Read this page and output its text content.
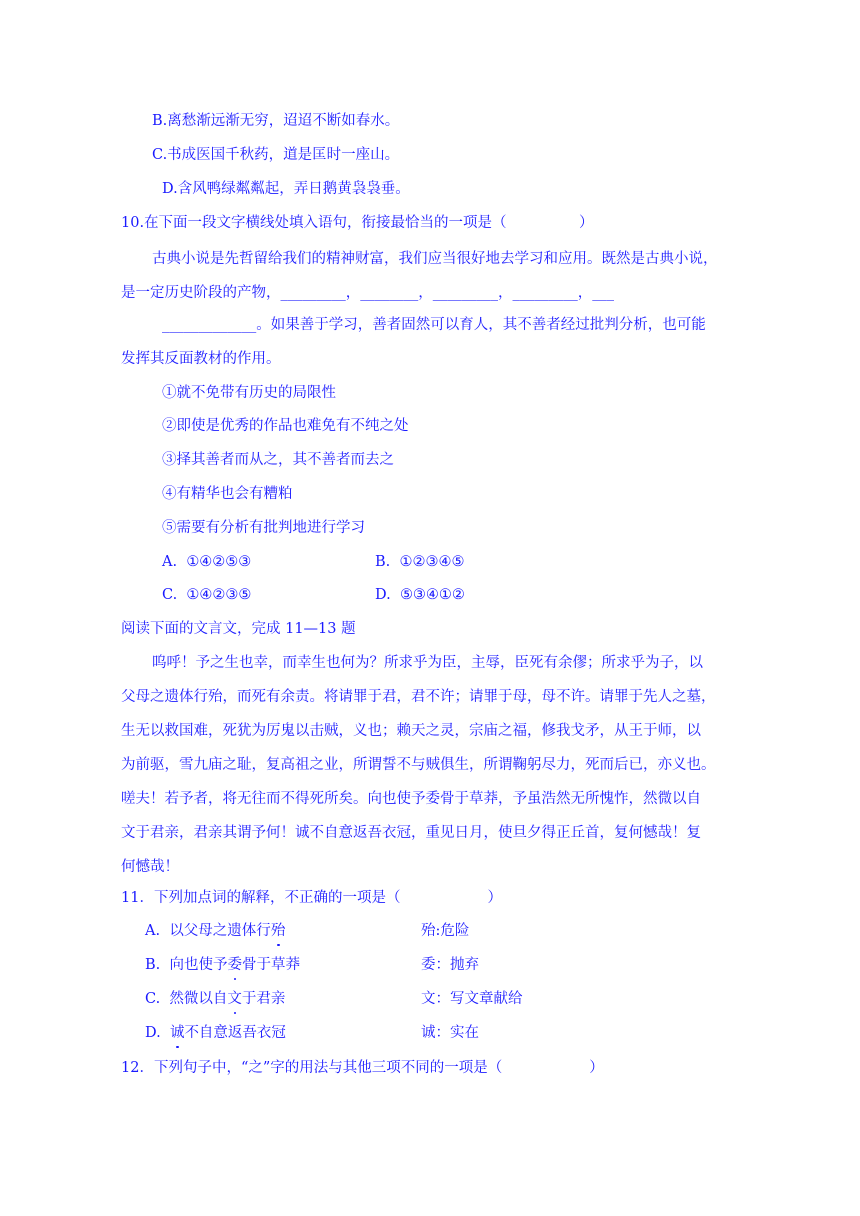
B.离愁渐远渐无穷，迢迢不断如春水。
C.书成医国千秋药，道是匡时一座山。
D.含风鸭绿粼粼起，弄日鹅黄袅袅垂。
10.在下面一段文字横线处填入语句，衔接最恰当的一项是（　　　　　）
古典小说是先哲留给我们的精神财富，我们应当很好地去学习和应用。既然是古典小说，
是一定历史阶段的产物，_________，________，_________，_________，___
_____________。如果善于学习，善者固然可以育人，其不善者经过批判分析，也可能
发挥其反面教材的作用。
①就不免带有历史的局限性
②即使是优秀的作品也难免有不纯之处
③择其善者而从之，其不善者而去之
④有精华也会有糟粕
⑤需要有分析有批判地进行学习
A. ①④②⑤③	B. ①②③④⑤
C. ①④②③⑤	D. ⑤③④①②
阅读下面的文言文，完成 11—13 题
呜呼！予之生也幸，而幸生也何为？所求乎为臣，主辱，臣死有余僇；所求乎为子，以
父母之遗体行殆，而死有余责。将请罪于君，君不许；请罪于母，母不许。请罪于先人之墓，
生无以救国难，死犹为厉鬼以击贼，义也；赖天之灵，宗庙之福，修我戈矛，从王于师，以
为前驱，雪九庙之耻，复高祖之业，所谓誓不与贼俱生，所谓鞠躬尽力，死而后已，亦义也。
嗟夫！若予者，将无往而不得死所矣。向也使予委骨于草莽，予虽浩然无所愧怍，然微以自
文于君亲，君亲其谓予何！诚不自意返吾衣冠，重见日月，使旦夕得正丘首，复何憾哉！复
何憾哉！
11．下列加点词的解释，不正确的一项是（　　　　　　）
A. 以父母之遗体行殆	殆:危险
B. 向也使予委骨于草莽	委：抛弃
C. 然微以自文于君亲	文：写文章献给
D. 诚不自意返吾衣冠	诚：实在
12．下列句子中，“之”字的用法与其他三项不同的一项是（　　　　　　）
